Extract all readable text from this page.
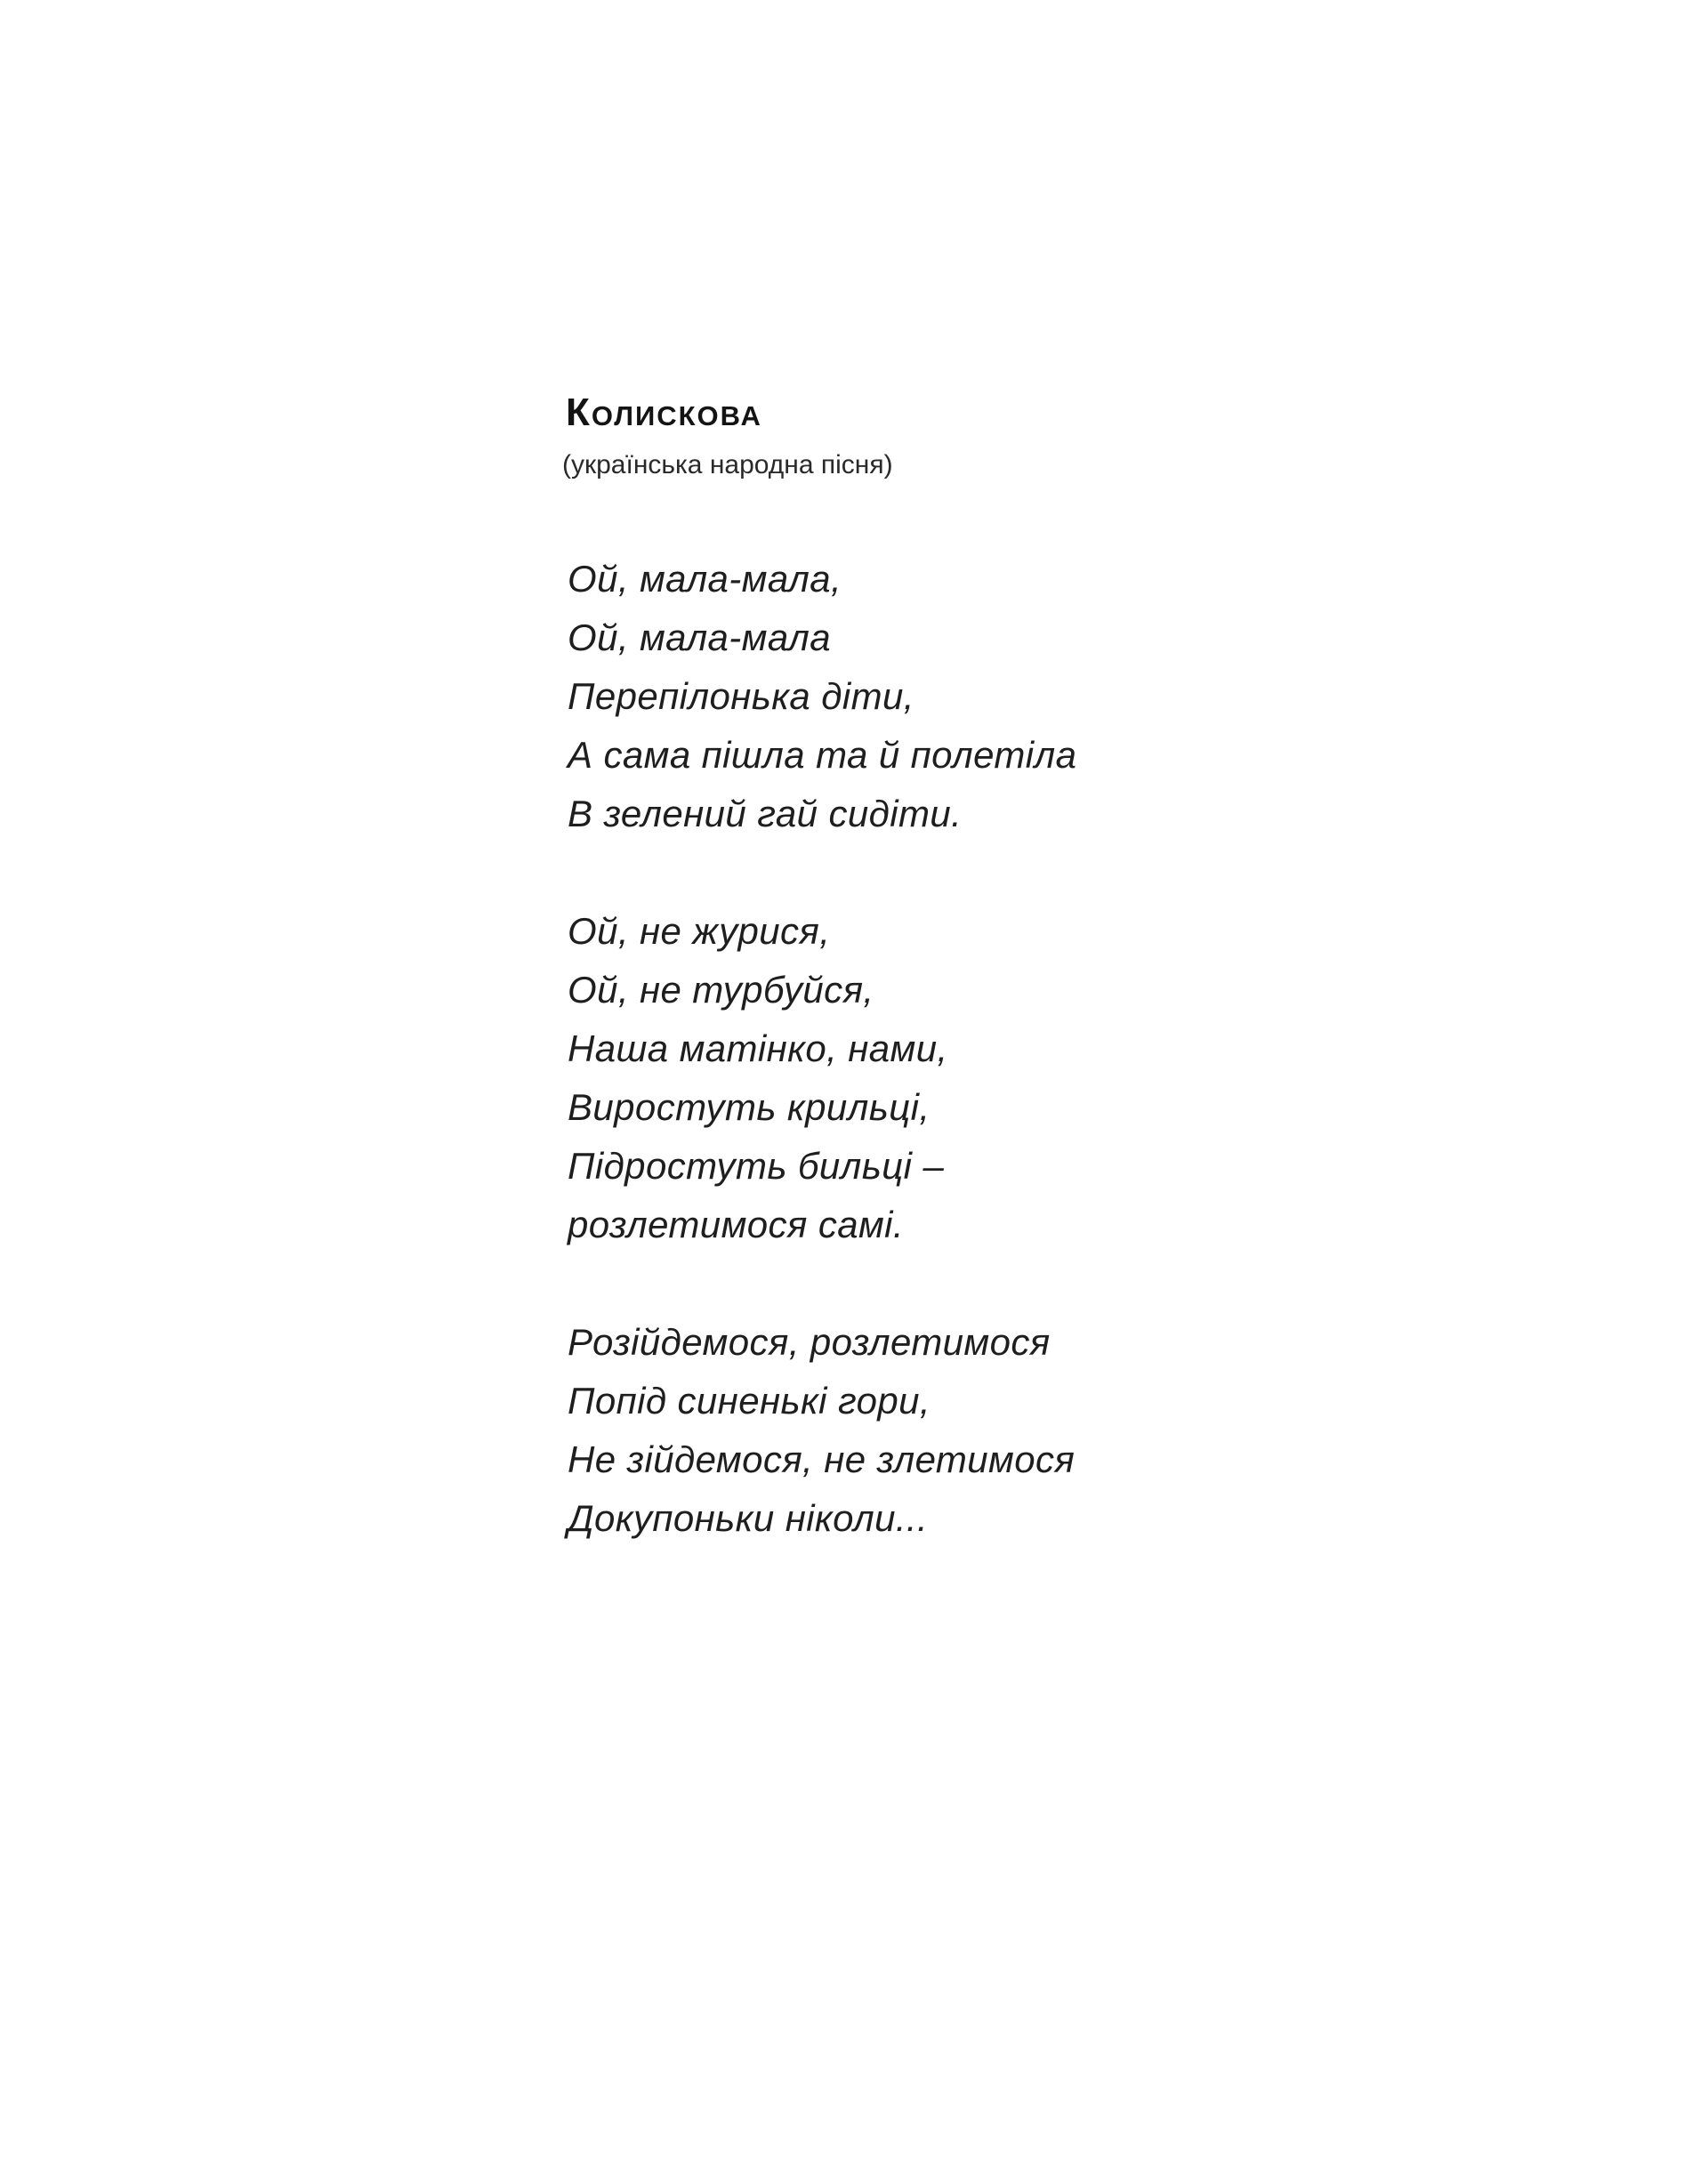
Колискова

(українська народна пісня)

Ой, мала-мала,
Ой, мала-мала
Перепілонька діти,
А сама пішла та й полетіла
В зелений гай сидіти.
Ой, не журися,
Ой, не турбуйся,
Наша матінко, нами,
Виростуть крильці,
Підростуть бильці –
розлетимося самі.
Розійдемося, розлетимося
Попід синенькі гори,
Не зійдемося, не злетимося
Докупоньки ніколи...
